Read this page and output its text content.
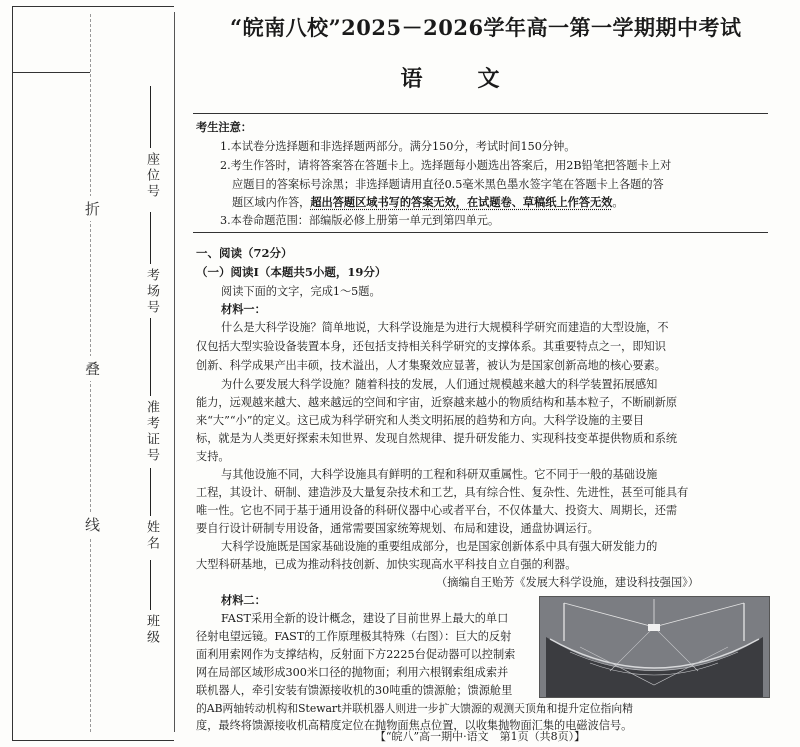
折
叠
线
座位号
考场号
准考证号
姓名
班级
“皖南八校”2025－2026学年高一第一学期期中考试
语文
考生注意：
1.本试卷分选择题和非选择题两部分。满分150分，考试时间150分钟。
2.考生作答时，请将答案答在答题卡上。选择题每小题选出答案后，用2B铅笔把答题卡上对
应题目的答案标号涂黑；非选择题请用直径0.5毫米黑色墨水签字笔在答题卡上各题的答
题区域内作答，超出答题区域书写的答案无效，在试题卷、草稿纸上作答无效。
3.本卷命题范围：部编版必修上册第一单元到第四单元。
一、阅读（72分）
（一）阅读Ⅰ（本题共5小题，19分）
阅读下面的文字，完成1～5题。
材料一：
什么是大科学设施？简单地说，大科学设施是为进行大规模科学研究而建造的大型设施，不
仅包括大型实验设备装置本身，还包括支持相关科学研究的支撑体系。其重要特点之一，即知识
创新、科学成果产出丰硕，技术溢出，人才集聚效应显著，被认为是国家创新高地的核心要素。
为什么要发展大科学设施？随着科技的发展，人们通过规模越来越大的科学装置拓展感知
能力，远观越来越大、越来越远的空间和宇宙，近察越来越小的物质结构和基本粒子，不断刷新原
来“大”“小”的定义。这已成为科学研究和人类文明拓展的趋势和方向。大科学设施的主要目
标，就是为人类更好探索未知世界、发现自然规律、提升研发能力、实现科技变革提供物质和系统
支持。
与其他设施不同，大科学设施具有鲜明的工程和科研双重属性。它不同于一般的基础设施
工程，其设计、研制、建造涉及大量复杂技术和工艺，具有综合性、复杂性、先进性，甚至可能具有
唯一性。它也不同于基于通用设备的科研仪器中心或者平台，不仅体量大、投资大、周期长，还需
要自行设计研制专用设备，通常需要国家统筹规划、布局和建设，通盘协调运行。
大科学设施既是国家基础设施的重要组成部分，也是国家创新体系中具有强大研发能力的
大型科研基地，已成为推动科技创新、加快实现高水平科技自立自强的利器。
（摘编自王贻芳《发展大科学设施，建设科技强国》）
材料二：
FAST采用全新的设计概念，建设了目前世界上最大的单口
径射电望远镜。FAST的工作原理极其特殊（右图）：巨大的反射
面利用索网作为支撑结构，反射面下方2225台促动器可以控制索
网在局部区域形成300米口径的抛物面；利用六根钢索组成索并
联机器人，牵引安装有馈源接收机的30吨重的馈源舱；馈源舱里
的AB两轴转动机构和Stewart并联机器人则进一步扩大馈源的观测天顶角和提升定位指向精
度，最终将馈源接收机高精度定位在抛物面焦点位置，以收集抛物面汇集的电磁波信号。
【“皖八”高一期中·语文　第1页（共8页）】
